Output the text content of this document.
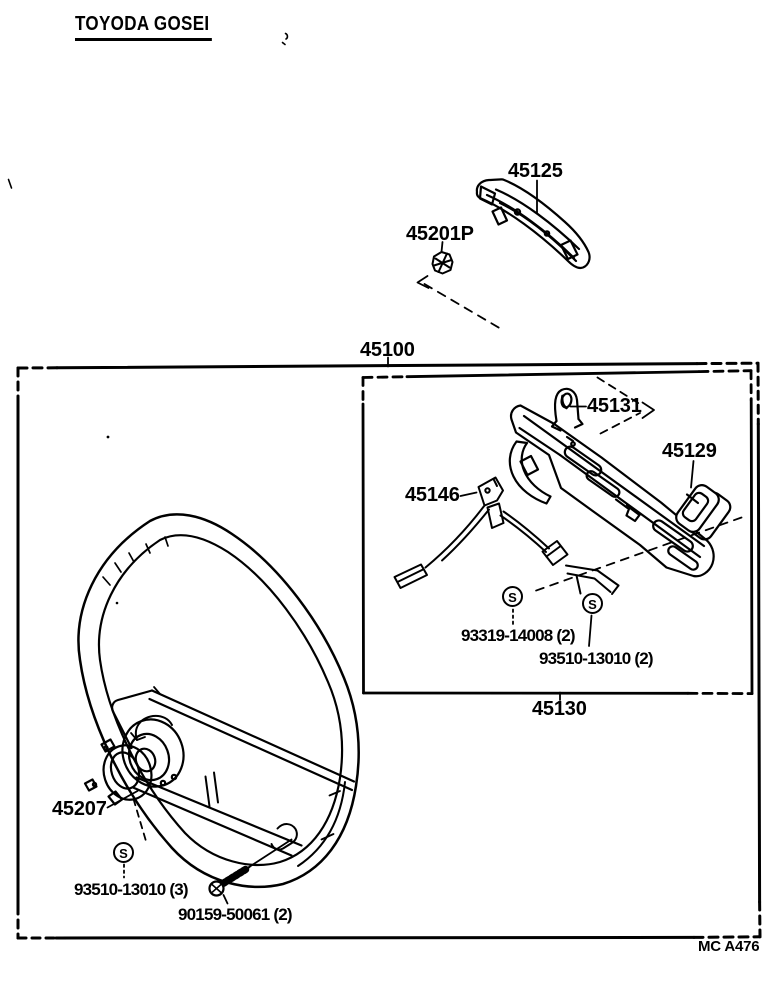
TOYODA GOSEI
45125
45201P
45100
45131
45129
45146
93319-14008 (2)
93510-13010 (2)
45130
45207
93510-13010 (3)
90159-50061 (2)
MC A476
S	S
S
